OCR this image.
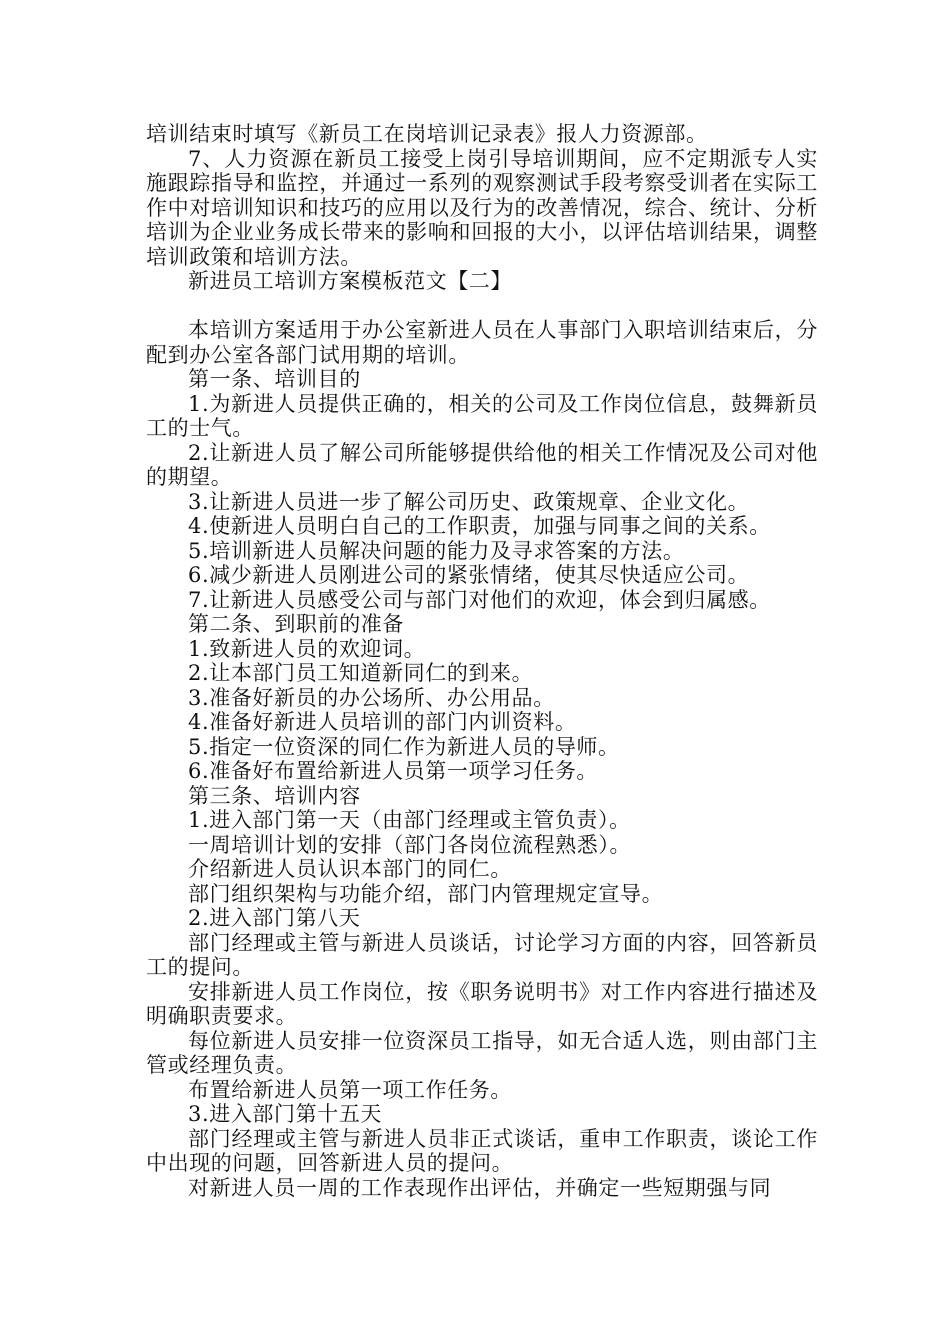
培训结束时填写《新员工在岗培训记录表》报人力资源部。

7、人力资源在新员工接受上岗引导培训期间，应不定期派专人实施跟踪指导和监控，并通过一系列的观察测试手段考察受训者在实际工作中对培训知识和技巧的应用以及行为的改善情况，综合、统计、分析培训为企业业务成长带来的影响和回报的大小，以评估培训结果，调整培训政策和培训方法。

新进员工培训方案模板范文【二】

本培训方案适用于办公室新进人员在人事部门入职培训结束后，分配到办公室各部门试用期的培训。

第一条、培训目的

1.为新进人员提供正确的，相关的公司及工作岗位信息，鼓舞新员工的士气。

2.让新进人员了解公司所能够提供给他的相关工作情况及公司对他的期望。

3.让新进人员进一步了解公司历史、政策规章、企业文化。

4.使新进人员明白自己的工作职责，加强与同事之间的关系。

5.培训新进人员解决问题的能力及寻求答案的方法。

6.减少新进人员刚进公司的紧张情绪，使其尽快适应公司。

7.让新进人员感受公司与部门对他们的欢迎，体会到归属感。

第二条、到职前的准备

1.致新进人员的欢迎词。

2.让本部门员工知道新同仁的到来。

3.准备好新员的办公场所、办公用品。

4.准备好新进人员培训的部门内训资料。

5.指定一位资深的同仁作为新进人员的导师。

6.准备好布置给新进人员第一项学习任务。

第三条、培训内容

1.进入部门第一天（由部门经理或主管负责）。

一周培训计划的安排（部门各岗位流程熟悉）。

介绍新进人员认识本部门的同仁。

部门组织架构与功能介绍，部门内管理规定宣导。

2.进入部门第八天

部门经理或主管与新进人员谈话，讨论学习方面的内容，回答新员工的提问。

安排新进人员工作岗位，按《职务说明书》对工作内容进行描述及明确职责要求。

每位新进人员安排一位资深员工指导，如无合适人选，则由部门主管或经理负责。

布置给新进人员第一项工作任务。

3.进入部门第十五天

部门经理或主管与新进人员非正式谈话，重申工作职责，谈论工作中出现的问题，回答新进人员的提问。

对新进人员一周的工作表现作出评估，并确定一些短期强与同
